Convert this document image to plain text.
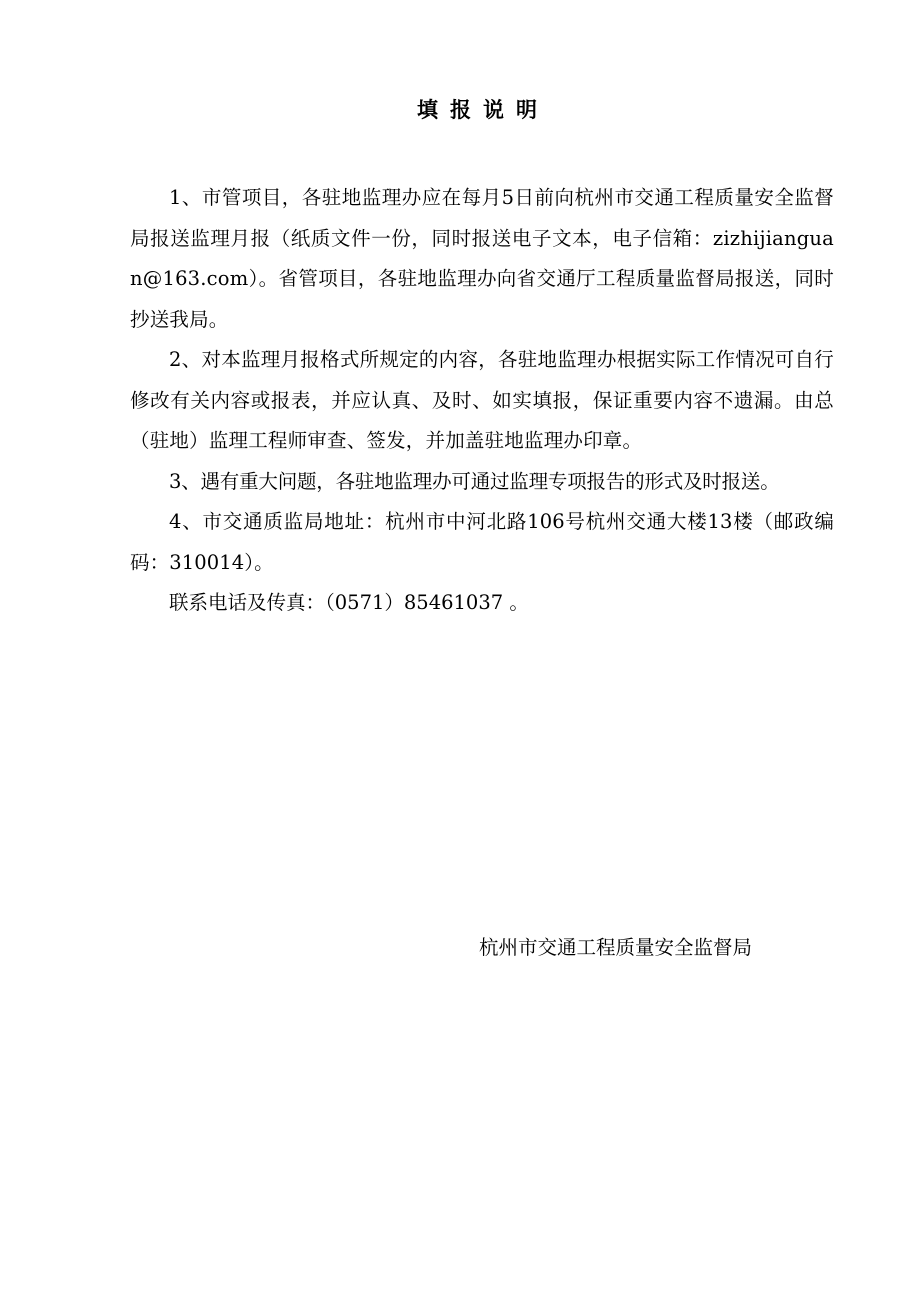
填报说明

1、市管项目，各驻地监理办应在每月5日前向杭州市交通工程质量安全监督局报送监理月报（纸质文件一份，同时报送电子文本，电子信箱：zizhijianguan@163.com）。省管项目，各驻地监理办向省交通厅工程质量监督局报送，同时抄送我局。

2、对本监理月报格式所规定的内容，各驻地监理办根据实际工作情况可自行修改有关内容或报表，并应认真、及时、如实填报，保证重要内容不遗漏。由总（驻地）监理工程师审查、签发，并加盖驻地监理办印章。

3、遇有重大问题，各驻地监理办可通过监理专项报告的形式及时报送。

4、市交通质监局地址：杭州市中河北路106号杭州交通大楼13楼（邮政编码：310014）。

联系电话及传真：（0571）85461037 。

杭州市交通工程质量安全监督局
